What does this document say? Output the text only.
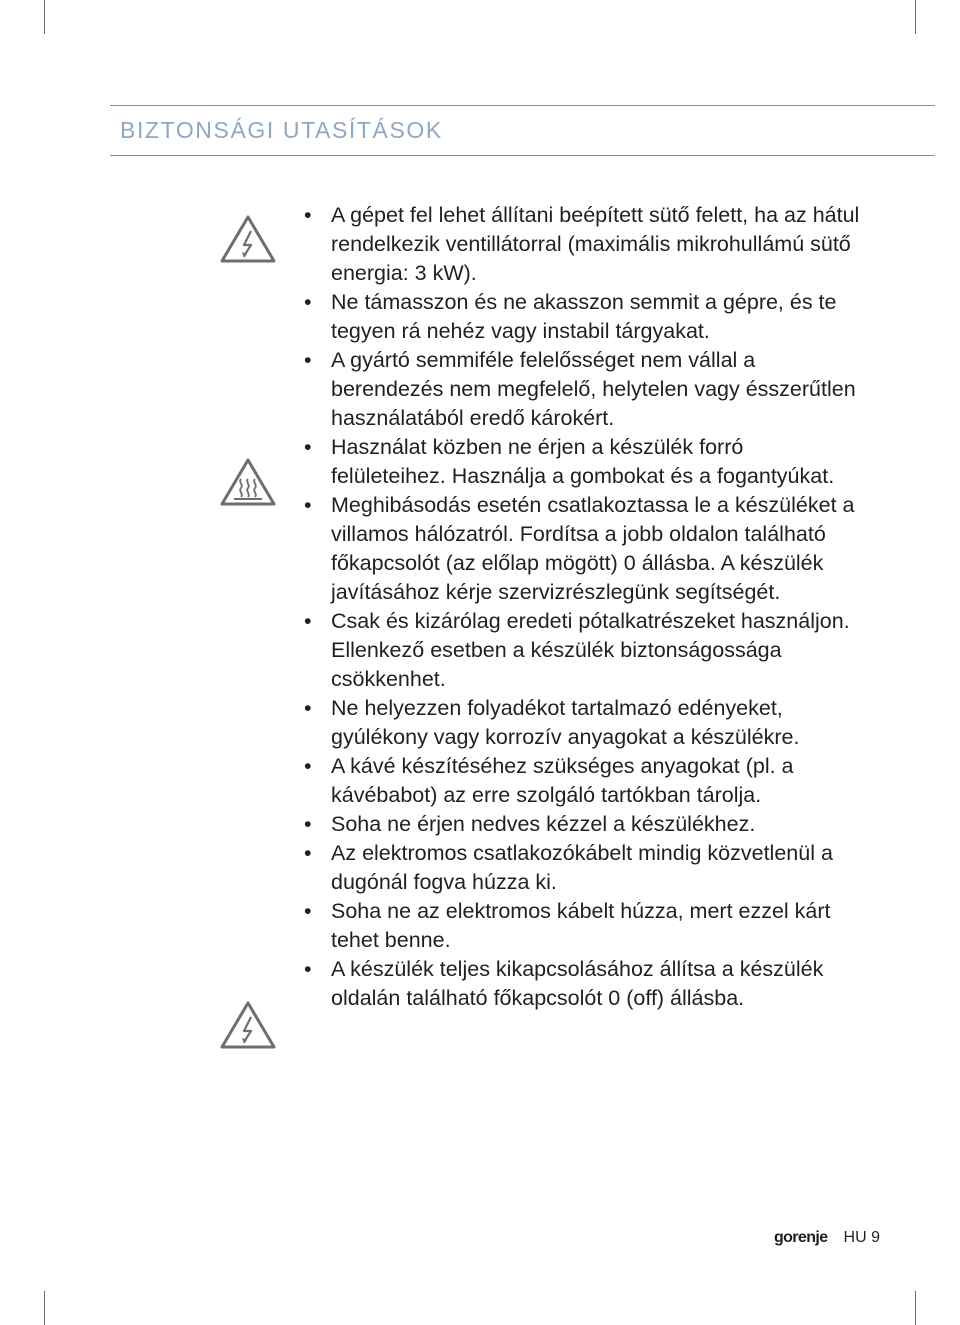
BIZTONSÁGI UTASÍTÁSOK
• A gépet fel lehet állítani beépített sütő felett, ha az hátul rendelkezik ventillátorral (maximális mikrohullámú sütő energia: 3 kW).
• Ne támasszon és ne akasszon semmit a gépre, és te tegyen rá nehéz vagy instabil tárgyakat.
• A gyártó semmiféle felelősséget nem vállal a berendezés nem megfelelő, helytelen vagy ésszerűtlen használatából eredő károkért.
• Használat közben ne érjen a készülék forró felületeihez. Használja a gombokat és a fogantyúkat.
• Meghibásodás esetén csatlakoztassa le a készüléket a villamos hálózatról. Fordítsa a jobb oldalon található főkapcsolót (az előlap mögött) 0 állásba. A készülék javításához kérje szervizrészlegünk segítségét.
• Csak és kizárólag eredeti pótalkatrészeket használjon. Ellenkező esetben a készülék biztonságossága csökkenhet.
• Ne helyezzen folyadékot tartalmazó edényeket, gyúlékony vagy korrozív anyagokat a készülékre.
• A kávé készítéséhez szükséges anyagokat (pl. a kávébabot) az erre szolgáló tartókban tárolja.
• Soha ne érjen nedves kézzel a készülékhez.
• Az elektromos csatlakozókábelt mindig közvetlenül a dugónál fogva húzza ki.
• Soha ne az elektromos kábelt húzza, mert ezzel kárt tehet benne.
• A készülék teljes kikapcsolásához állítsa a készülék oldalán található főkapcsolót 0 (off) állásba.
gorenje HU 9
